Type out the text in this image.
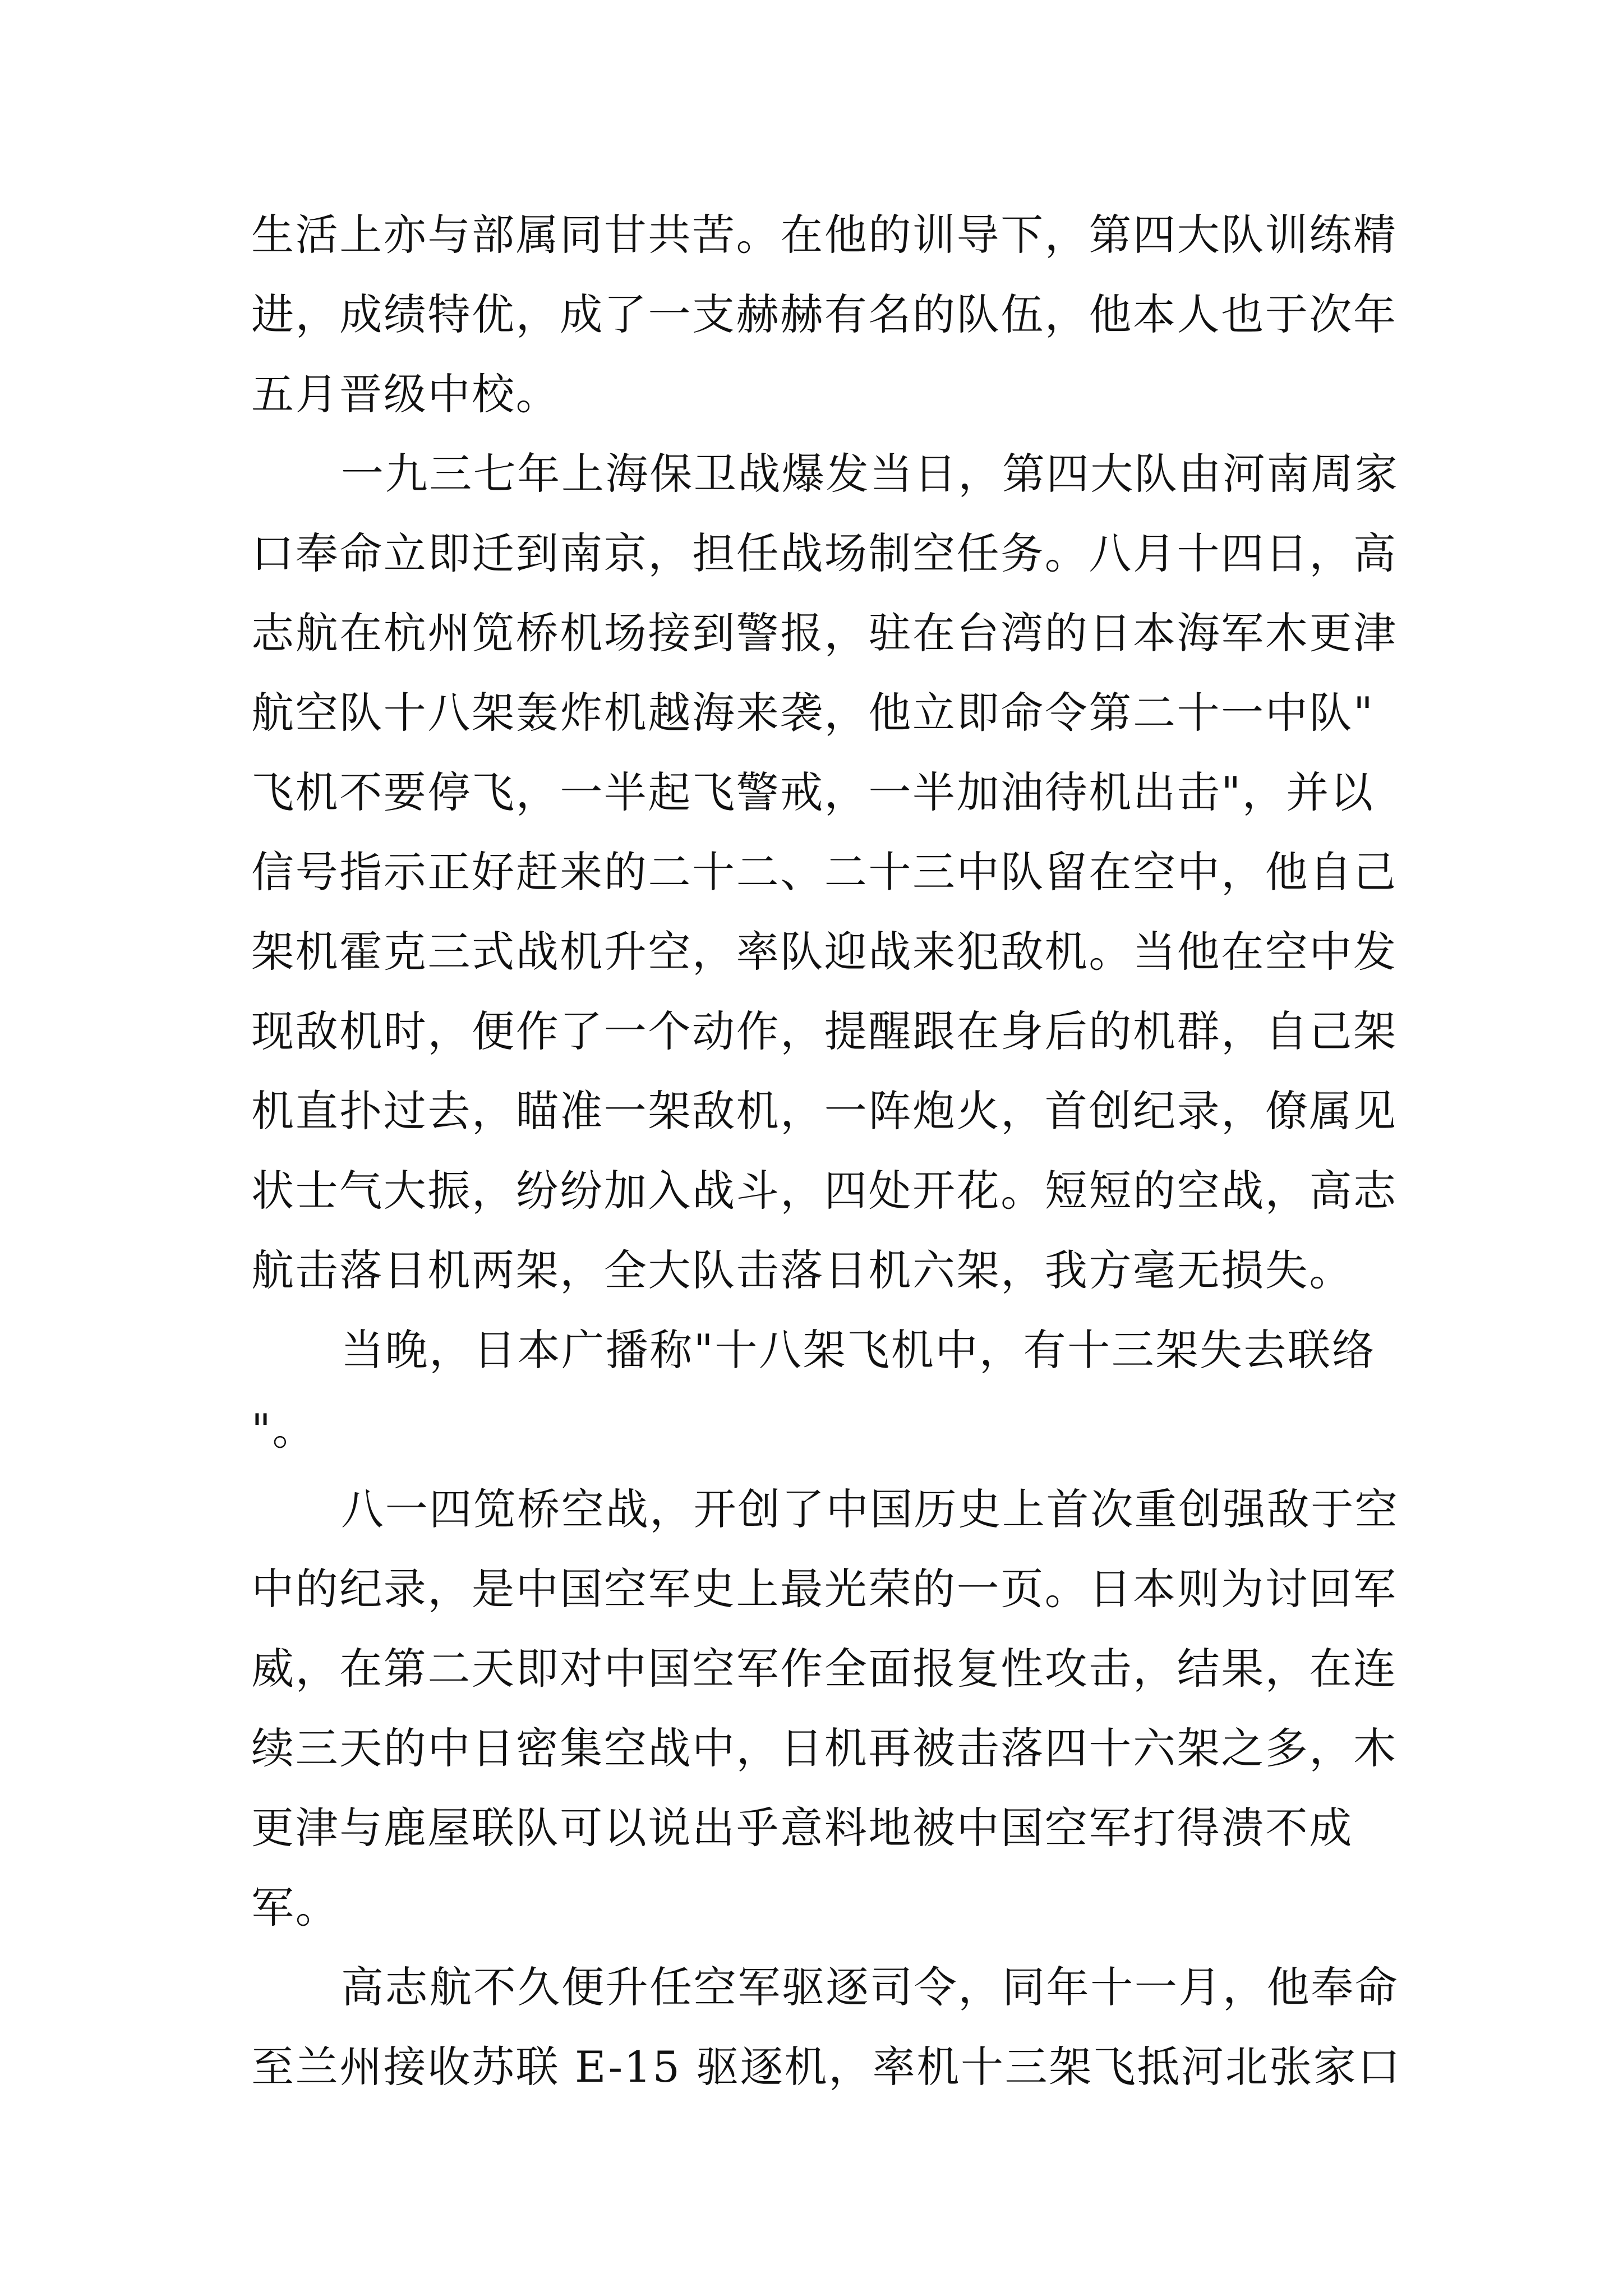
生活上亦与部属同甘共苦。在他的训导下，第四大队训练精
进，成绩特优，成了一支赫赫有名的队伍，他本人也于次年
五月晋级中校。
一九三七年上海保卫战爆发当日，第四大队由河南周家
口奉命立即迁到南京，担任战场制空任务。八月十四日，高
志航在杭州笕桥机场接到警报，驻在台湾的日本海军木更津
航空队十八架轰炸机越海来袭，他立即命令第二十一中队"
飞机不要停飞，一半起飞警戒，一半加油待机出击"，并以
信号指示正好赶来的二十二、二十三中队留在空中，他自己
架机霍克三式战机升空，率队迎战来犯敌机。当他在空中发
现敌机时，便作了一个动作，提醒跟在身后的机群，自己架
机直扑过去，瞄准一架敌机，一阵炮火，首创纪录，僚属见
状士气大振，纷纷加入战斗，四处开花。短短的空战，高志
航击落日机两架，全大队击落日机六架，我方毫无损失。
当晚，日本广播称"十八架飞机中，有十三架失去联络
"。
八一四笕桥空战，开创了中国历史上首次重创强敌于空
中的纪录，是中国空军史上最光荣的一页。日本则为讨回军
威，在第二天即对中国空军作全面报复性攻击，结果，在连
续三天的中日密集空战中，日机再被击落四十六架之多，木
更津与鹿屋联队可以说出乎意料地被中国空军打得溃不成
军。
高志航不久便升任空军驱逐司令，同年十一月，他奉命
至兰州接收苏联 E-15 驱逐机，率机十三架飞抵河北张家口
